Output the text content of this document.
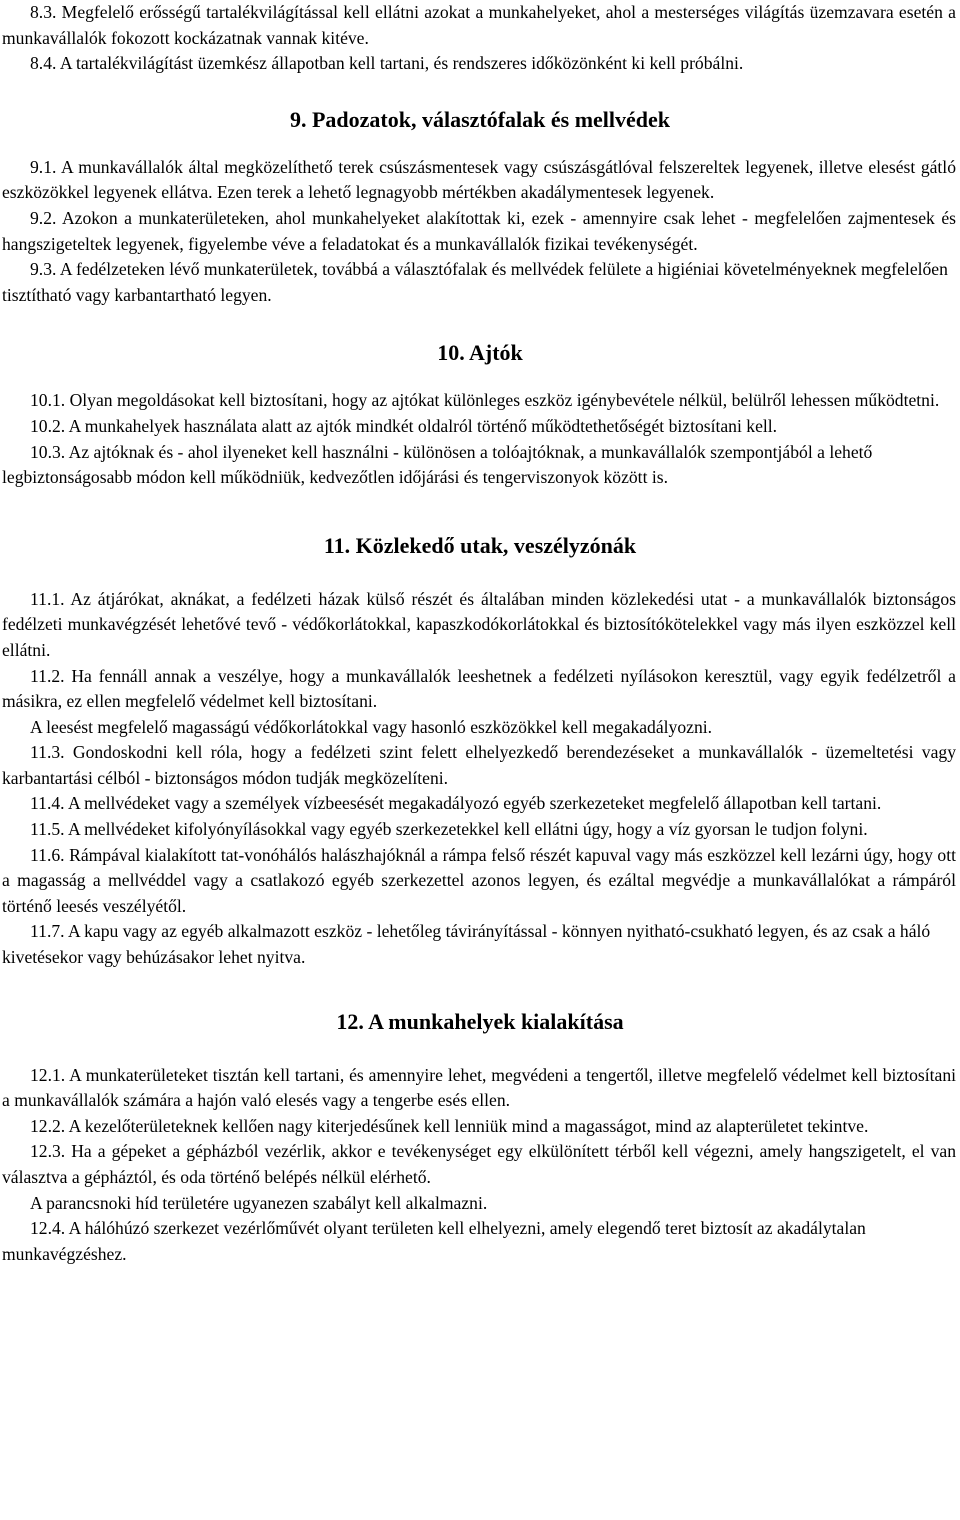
8.3. Megfelelő erősségű tartalékvilágítással kell ellátni azokat a munkahelyeket, ahol a mesterséges világítás üzemzavara esetén a munkavállalók fokozott kockázatnak vannak kitéve.

8.4. A tartalékvilágítást üzemkész állapotban kell tartani, és rendszeres időközönként ki kell próbálni.

9. Padozatok, választófalak és mellvédek

9.1. A munkavállalók által megközelíthető terek csúszásmentesek vagy csúszásgátlóval felszereltek legyenek, illetve elesést gátló eszközökkel legyenek ellátva. Ezen terek a lehető legnagyobb mértékben akadálymentesek legyenek.

9.2. Azokon a munkaterületeken, ahol munkahelyeket alakítottak ki, ezek - amennyire csak lehet - megfelelően zajmentesek és hangszigeteltek legyenek, figyelembe véve a feladatokat és a munkavállalók fizikai tevékenységét.

9.3. A fedélzeteken lévő munkaterületek, továbbá a választófalak és mellvédek felülete a higiéniai követelményeknek megfelelően tisztítható vagy karbantartható legyen.

10. Ajtók

10.1. Olyan megoldásokat kell biztosítani, hogy az ajtókat különleges eszköz igénybevétele nélkül, belülről lehessen működtetni.

10.2. A munkahelyek használata alatt az ajtók mindkét oldalról történő működtethetőségét biztosítani kell.

10.3. Az ajtóknak és - ahol ilyeneket kell használni - különösen a tolóajtóknak, a munkavállalók szempontjából a lehető legbiztonságosabb módon kell működniük, kedvezőtlen időjárási és tengerviszonyok között is.

11. Közlekedő utak, veszélyzónák

11.1. Az átjárókat, aknákat, a fedélzeti házak külső részét és általában minden közlekedési utat - a munkavállalók biztonságos fedélzeti munkavégzését lehetővé tevő - védőkorlátokkal, kapaszkodókorlátokkal és biztosítókötelekkel vagy más ilyen eszközzel kell ellátni.

11.2. Ha fennáll annak a veszélye, hogy a munkavállalók leeshetnek a fedélzeti nyílásokon keresztül, vagy egyik fedélzetről a másikra, ez ellen megfelelő védelmet kell biztosítani.

A leesést megfelelő magasságú védőkorlátokkal vagy hasonló eszközökkel kell megakadályozni.

11.3. Gondoskodni kell róla, hogy a fedélzeti szint felett elhelyezkedő berendezéseket a munkavállalók - üzemeltetési vagy karbantartási célból - biztonságos módon tudják megközelíteni.

11.4. A mellvédeket vagy a személyek vízbeesését megakadályozó egyéb szerkezeteket megfelelő állapotban kell tartani.

11.5. A mellvédeket kifolyónyílásokkal vagy egyéb szerkezetekkel kell ellátni úgy, hogy a víz gyorsan le tudjon folyni.

11.6. Rámpával kialakított tat-vonóhálós halászhajóknál a rámpa felső részét kapuval vagy más eszközzel kell lezárni úgy, hogy ott a magasság a mellvéddel vagy a csatlakozó egyéb szerkezettel azonos legyen, és ezáltal megvédje a munkavállalókat a rámpáról történő leesés veszélyétől.

11.7. A kapu vagy az egyéb alkalmazott eszköz - lehetőleg távirányítással - könnyen nyitható-csukható legyen, és az csak a háló kivetésekor vagy behúzásakor lehet nyitva.

12. A munkahelyek kialakítása

12.1. A munkaterületeket tisztán kell tartani, és amennyire lehet, megvédeni a tengertől, illetve megfelelő védelmet kell biztosítani a munkavállalók számára a hajón való elesés vagy a tengerbe esés ellen.

12.2. A kezelőterületeknek kellően nagy kiterjedésűnek kell lenniük mind a magasságot, mind az alapterületet tekintve.

12.3. Ha a gépeket a gépházból vezérlik, akkor e tevékenységet egy elkülönített térből kell végezni, amely hangszigetelt, el van választva a gépháztól, és oda történő belépés nélkül elérhető.

A parancsnoki híd területére ugyanezen szabályt kell alkalmazni.

12.4. A hálóhúzó szerkezet vezérlőművét olyant területen kell elhelyezni, amely elegendő teret biztosít az akadálytalan munkavégzéshez.
